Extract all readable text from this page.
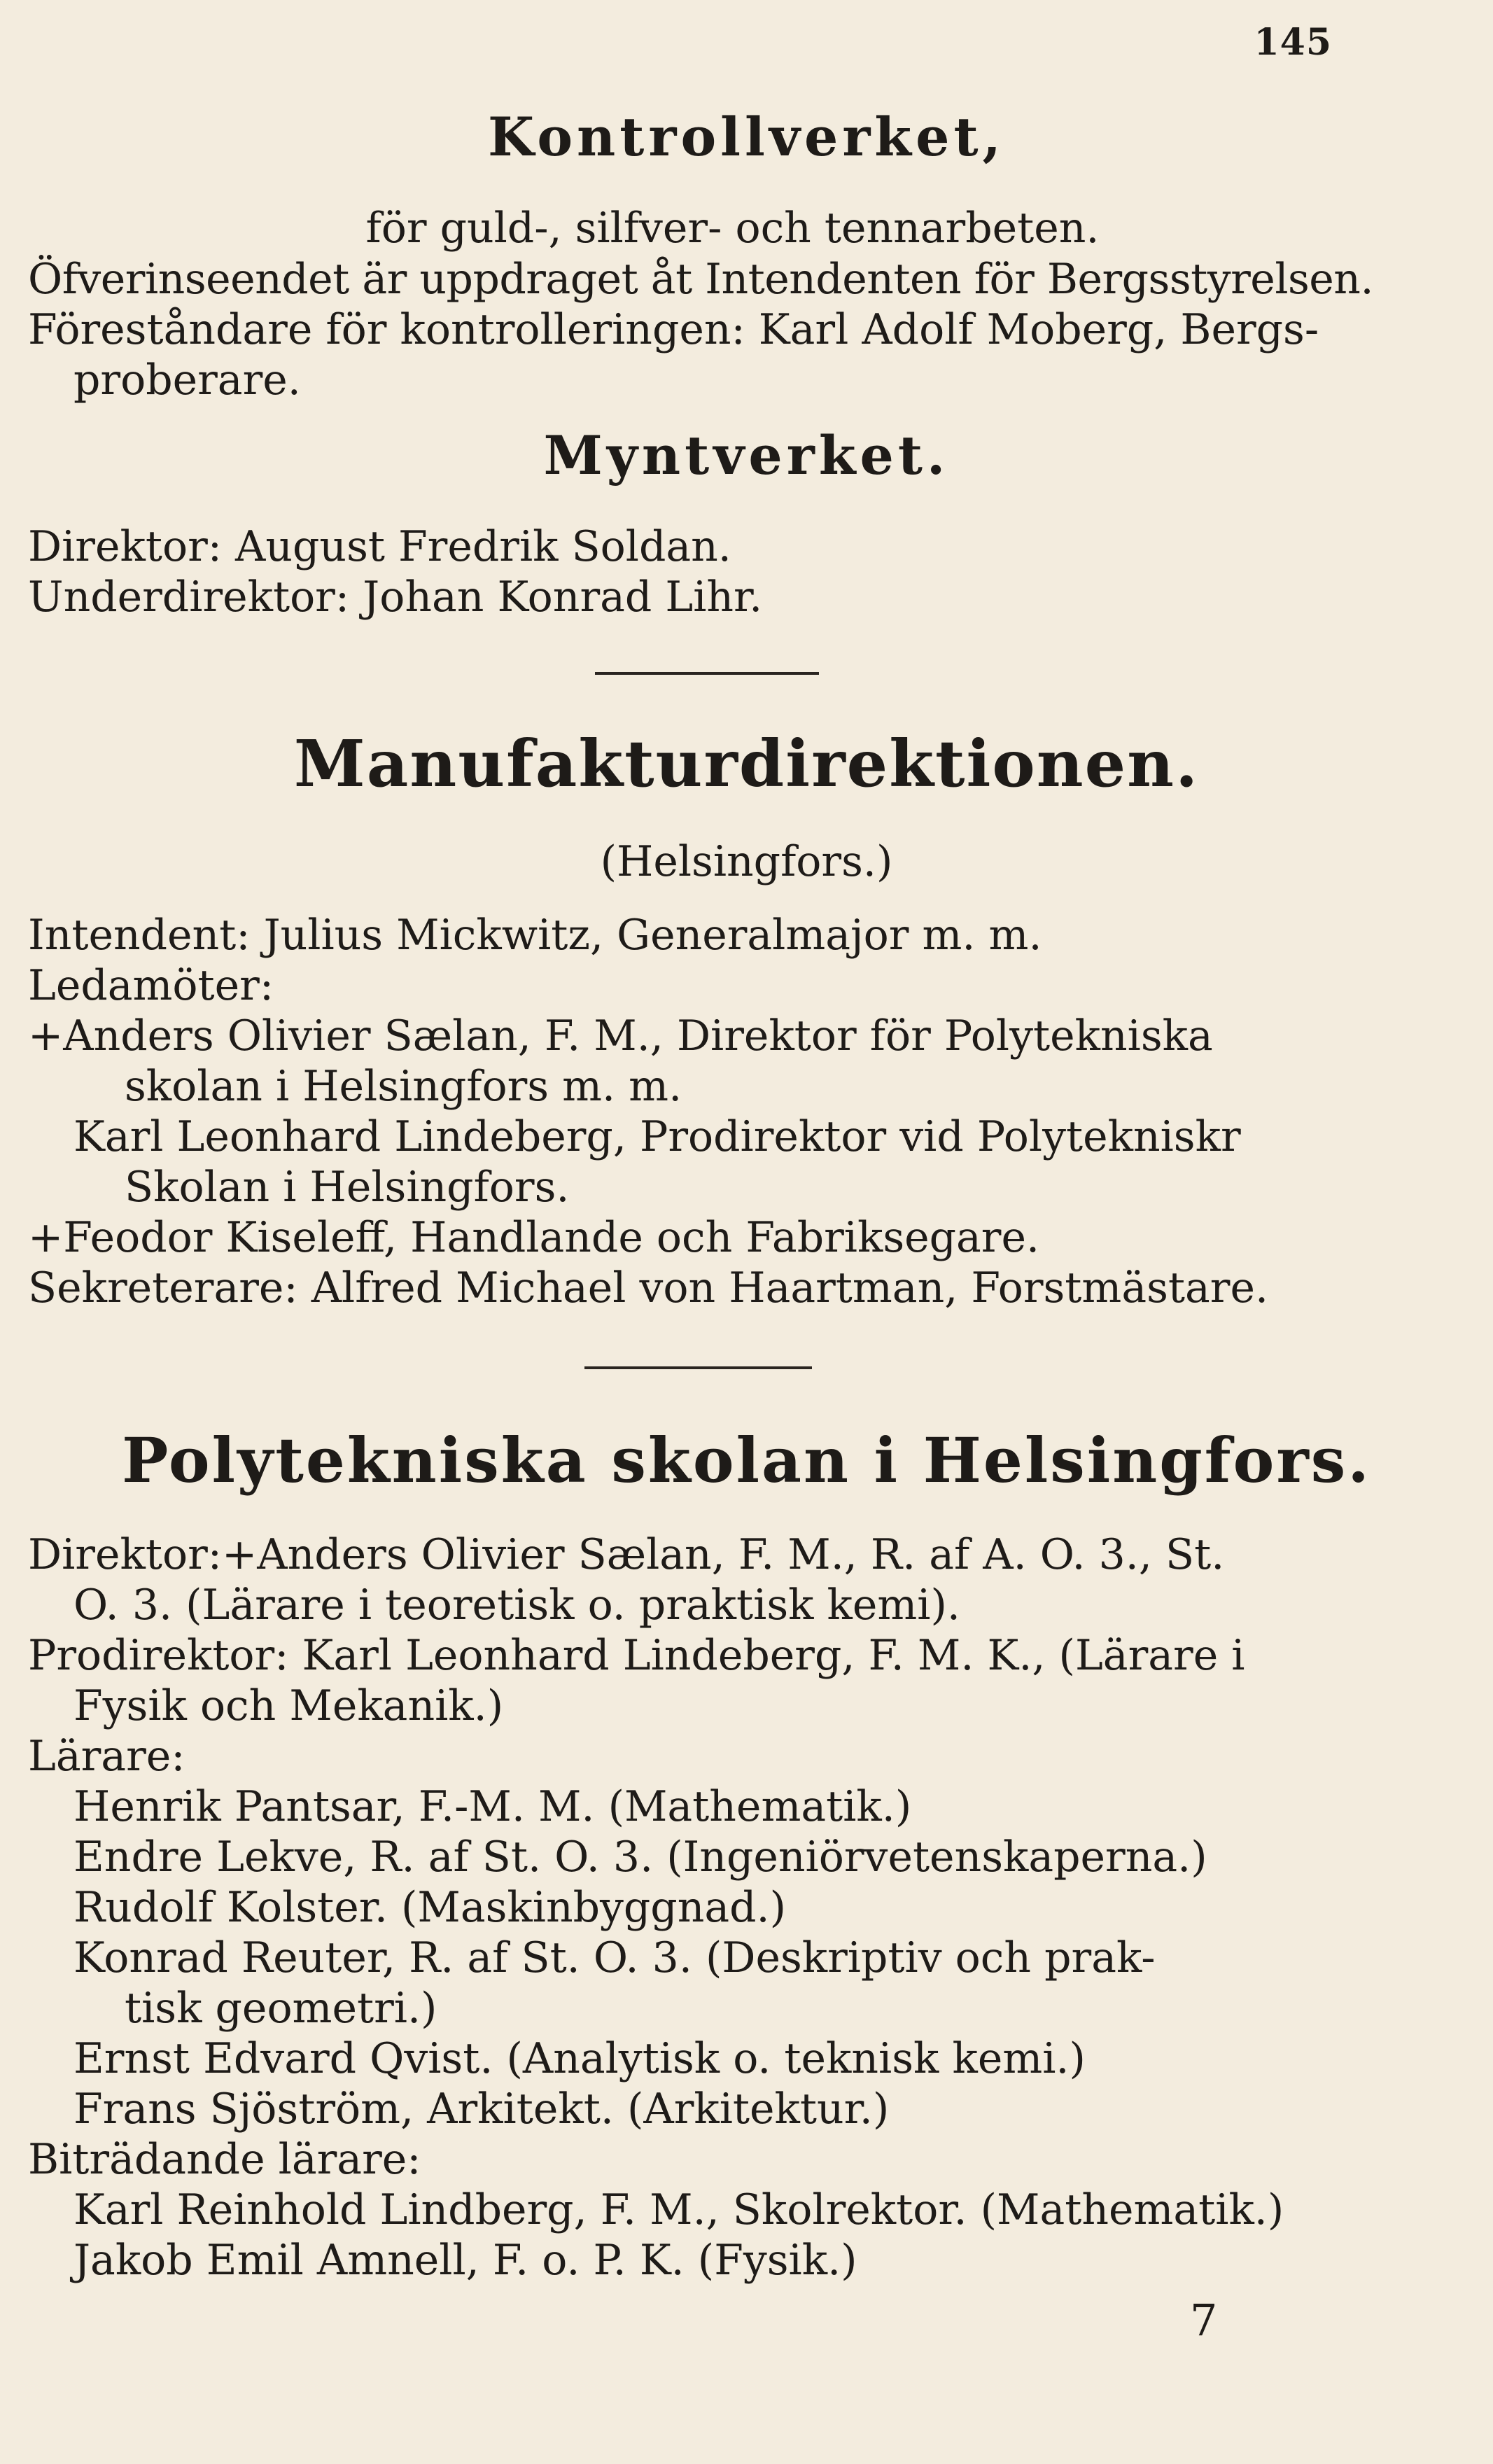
145
Kontrollverket,
för guld-, silfver- och tennarbeten.
Öfverinseendet är uppdraget åt Intendenten för Bergsstyrelsen.
Föreståndare för kontrolleringen: Karl Adolf Moberg, Bergs-
proberare.
Myntverket.
Direktor: August Fredrik Soldan.
Underdirektor: Johan Konrad Lihr.
Manufakturdirektionen.
(Helsingfors.)
Intendent: Julius Mickwitz, Generalmajor m. m.
Ledamöter:
+Anders Olivier Sælan, F. M., Direktor för Polytekniska
skolan i Helsingfors m. m.
Karl Leonhard Lindeberg, Prodirektor vid Polytekniskr
Skolan i Helsingfors.
+Feodor Kiseleff, Handlande och Fabriksegare.
Sekreterare: Alfred Michael von Haartman, Forstmästare.
Polytekniska skolan i Helsingfors.
Direktor:+Anders Olivier Sælan, F. M., R. af A. O. 3., St.
O. 3. (Lärare i teoretisk o. praktisk kemi).
Prodirektor: Karl Leonhard Lindeberg, F. M. K., (Lärare i
Fysik och Mekanik.)
Lärare:
Henrik Pantsar, F.-M. M. (Mathematik.)
Endre Lekve, R. af St. O. 3. (Ingeniörvetenskaperna.)
Rudolf Kolster. (Maskinbyggnad.)
Konrad Reuter, R. af St. O. 3. (Deskriptiv och prak-
tisk geometri.)
Ernst Edvard Qvist. (Analytisk o. teknisk kemi.)
Frans Sjöström, Arkitekt. (Arkitektur.)
Biträdande lärare:
Karl Reinhold Lindberg, F. M., Skolrektor. (Mathematik.)
Jakob Emil Amnell, F. o. P. K. (Fysik.)
7
